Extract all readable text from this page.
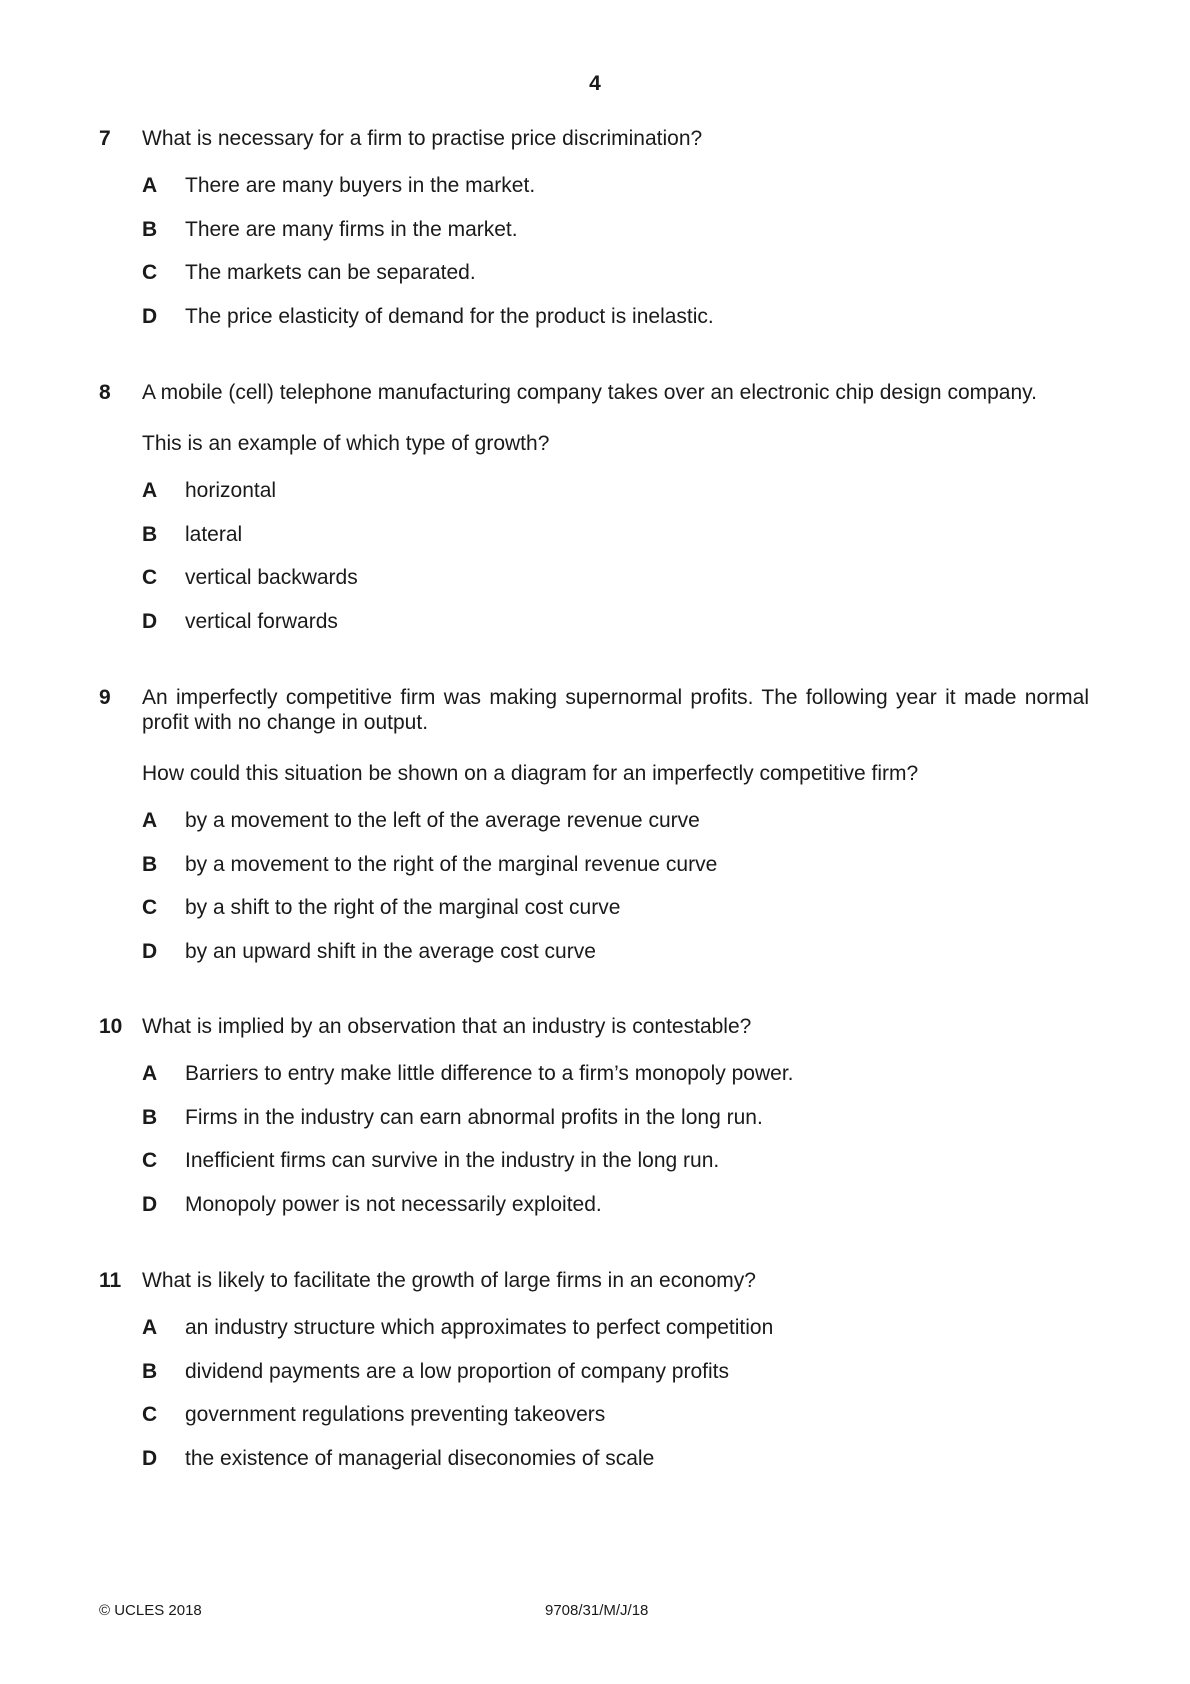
4
7	What is necessary for a firm to practise price discrimination?
A	There are many buyers in the market.
B	There are many firms in the market.
C	The markets can be separated.
D	The price elasticity of demand for the product is inelastic.
8	A mobile (cell) telephone manufacturing company takes over an electronic chip design company.
This is an example of which type of growth?
A	horizontal
B	lateral
C	vertical backwards
D	vertical forwards
9	An imperfectly competitive firm was making supernormal profits. The following year it made normal profit with no change in output.
How could this situation be shown on a diagram for an imperfectly competitive firm?
A	by a movement to the left of the average revenue curve
B	by a movement to the right of the marginal revenue curve
C	by a shift to the right of the marginal cost curve
D	by an upward shift in the average cost curve
10 What is implied by an observation that an industry is contestable?
A	Barriers to entry make little difference to a firm’s monopoly power.
B	Firms in the industry can earn abnormal profits in the long run.
C	Inefficient firms can survive in the industry in the long run.
D	Monopoly power is not necessarily exploited.
11 What is likely to facilitate the growth of large firms in an economy?
A	an industry structure which approximates to perfect competition
B	dividend payments are a low proportion of company profits
C	government regulations preventing takeovers
D	the existence of managerial diseconomies of scale
© UCLES 2018	9708/31/M/J/18
